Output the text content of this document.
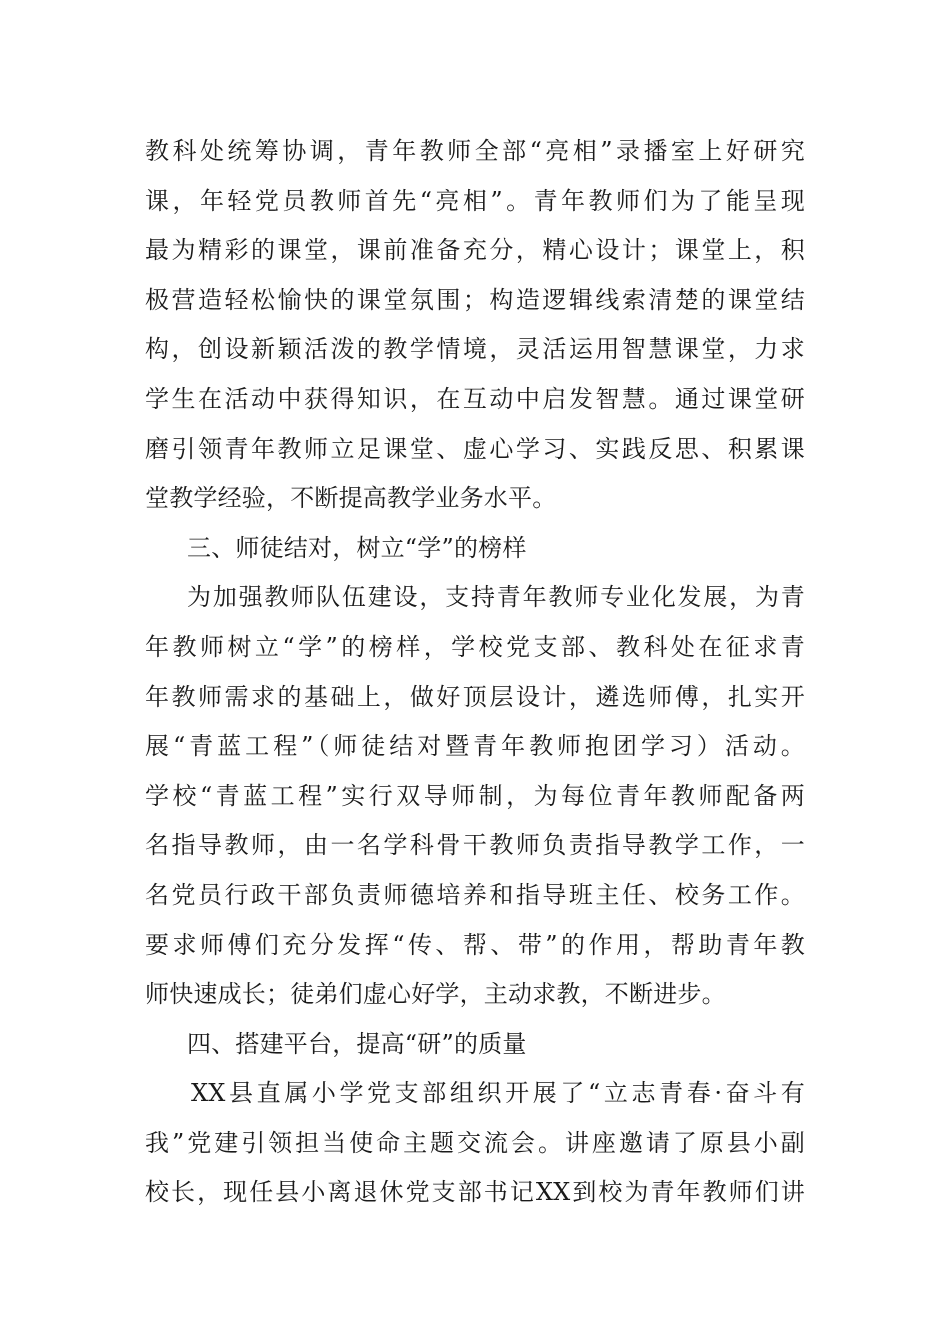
教科处统筹协调，青年教师全部“亮相”录播室上好研究
课，年轻党员教师首先“亮相”。青年教师们为了能呈现
最为精彩的课堂，课前准备充分，精心设计；课堂上，积
极营造轻松愉快的课堂氛围；构造逻辑线索清楚的课堂结
构，创设新颖活泼的教学情境，灵活运用智慧课堂，力求
学生在活动中获得知识，在互动中启发智慧。通过课堂研
磨引领青年教师立足课堂、虚心学习、实践反思、积累课
堂教学经验，不断提高教学业务水平。
三、师徒结对，树立“学”的榜样
为加强教师队伍建设，支持青年教师专业化发展，为青
年教师树立“学”的榜样，学校党支部、教科处在征求青
年教师需求的基础上，做好顶层设计，遴选师傅，扎实开
展“青蓝工程”（师徒结对暨青年教师抱团学习）活动。
学校“青蓝工程”实行双导师制，为每位青年教师配备两
名指导教师，由一名学科骨干教师负责指导教学工作，一
名党员行政干部负责师德培养和指导班主任、校务工作。
要求师傅们充分发挥“传、帮、带”的作用，帮助青年教
师快速成长；徒弟们虚心好学，主动求教，不断进步。
四、搭建平台，提高“研”的质量
XX县直属小学党支部组织开展了“立志青春·奋斗有
我”党建引领担当使命主题交流会。讲座邀请了原县小副
校长，现任县小离退休党支部书记XX到校为青年教师们讲
